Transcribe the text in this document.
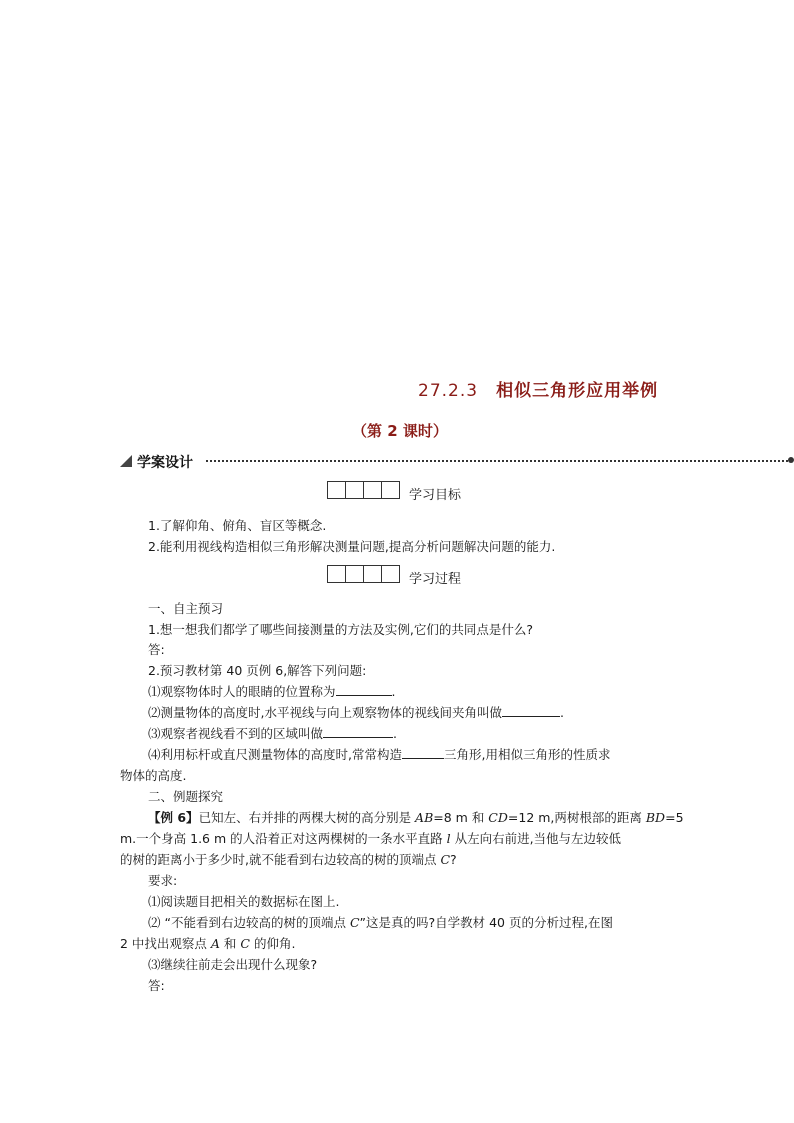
27.2.3 相似三角形应用举例
（第 2 课时）
学案设计
学习目标
1.了解仰角、俯角、盲区等概念.
2.能利用视线构造相似三角形解决测量问题,提高分析问题解决问题的能力.
学习过程
一、自主预习
1.想一想我们都学了哪些间接测量的方法及实例,它们的共同点是什么?
答:
2.预习教材第 40 页例 6,解答下列问题:
⑴观察物体时人的眼睛的位置称为	.
⑵测量物体的高度时,水平视线与向上观察物体的视线间夹角叫做	.
⑶观察者视线看不到的区域叫做	.
⑷利用标杆或直尺测量物体的高度时,常常构造	三角形,用相似三角形的性质求
物体的高度.
二、例题探究
【例 6】已知左、右并排的两棵大树的高分别是 AB=8 m 和 CD=12 m,两树根部的距离 BD=5
m.一个身高 1.6 m 的人沿着正对这两棵树的一条水平直路 l 从左向右前进,当他与左边较低
的树的距离小于多少时,就不能看到右边较高的树的顶端点 C?
要求:
⑴阅读题目把相关的数据标在图上.
⑵ “不能看到右边较高的树的顶端点 C”这是真的吗?自学教材 40 页的分析过程,在图
2 中找出观察点 A 和 C 的仰角.
⑶继续往前走会出现什么现象?
答:
